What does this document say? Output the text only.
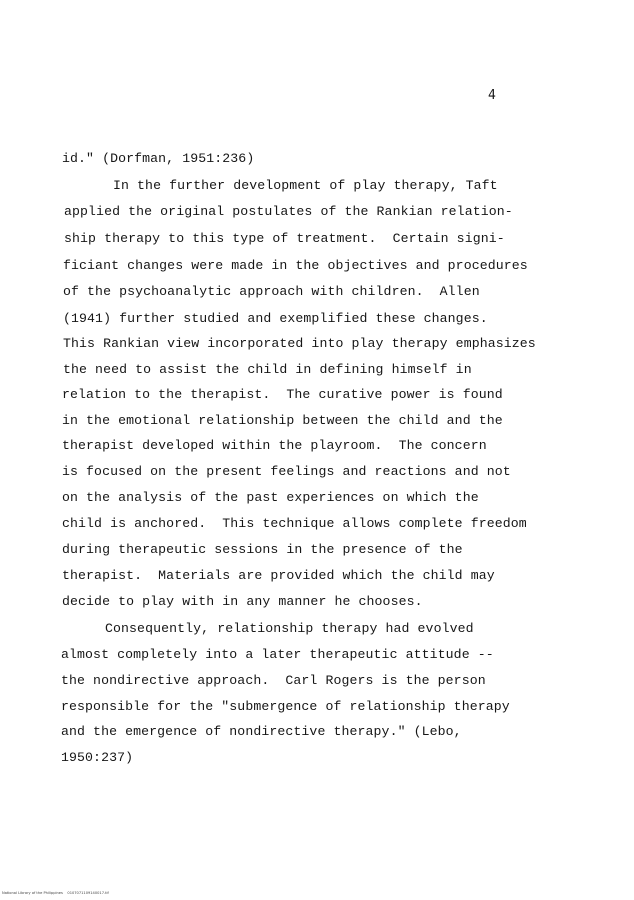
4
id." (Dorfman, 1951:236)
In the further development of play therapy, Taft
applied the original postulates of the Rankian relation-
ship therapy to this type of treatment.  Certain signi-
ficiant changes were made in the objectives and procedures
of the psychoanalytic approach with children.  Allen
(1941) further studied and exemplified these changes.
This Rankian view incorporated into play therapy emphasizes
the need to assist the child in defining himself in
relation to the therapist.  The curative power is found
in the emotional relationship between the child and the
therapist developed within the playroom.  The concern
is focused on the present feelings and reactions and not
on the analysis of the past experiences on which the
child is anchored.  This technique allows complete freedom
during therapeutic sessions in the presence of the
therapist.  Materials are provided which the child may
decide to play with in any manner he chooses.
Consequently, relationship therapy had evolved
almost completely into a later therapeutic attitude --
the nondirective approach.  Carl Rogers is the person
responsible for the "submergence of relationship therapy
and the emergence of nondirective therapy." (Lebo,
1950:237)
National Library of the Philippines    0107071109140017.tif
